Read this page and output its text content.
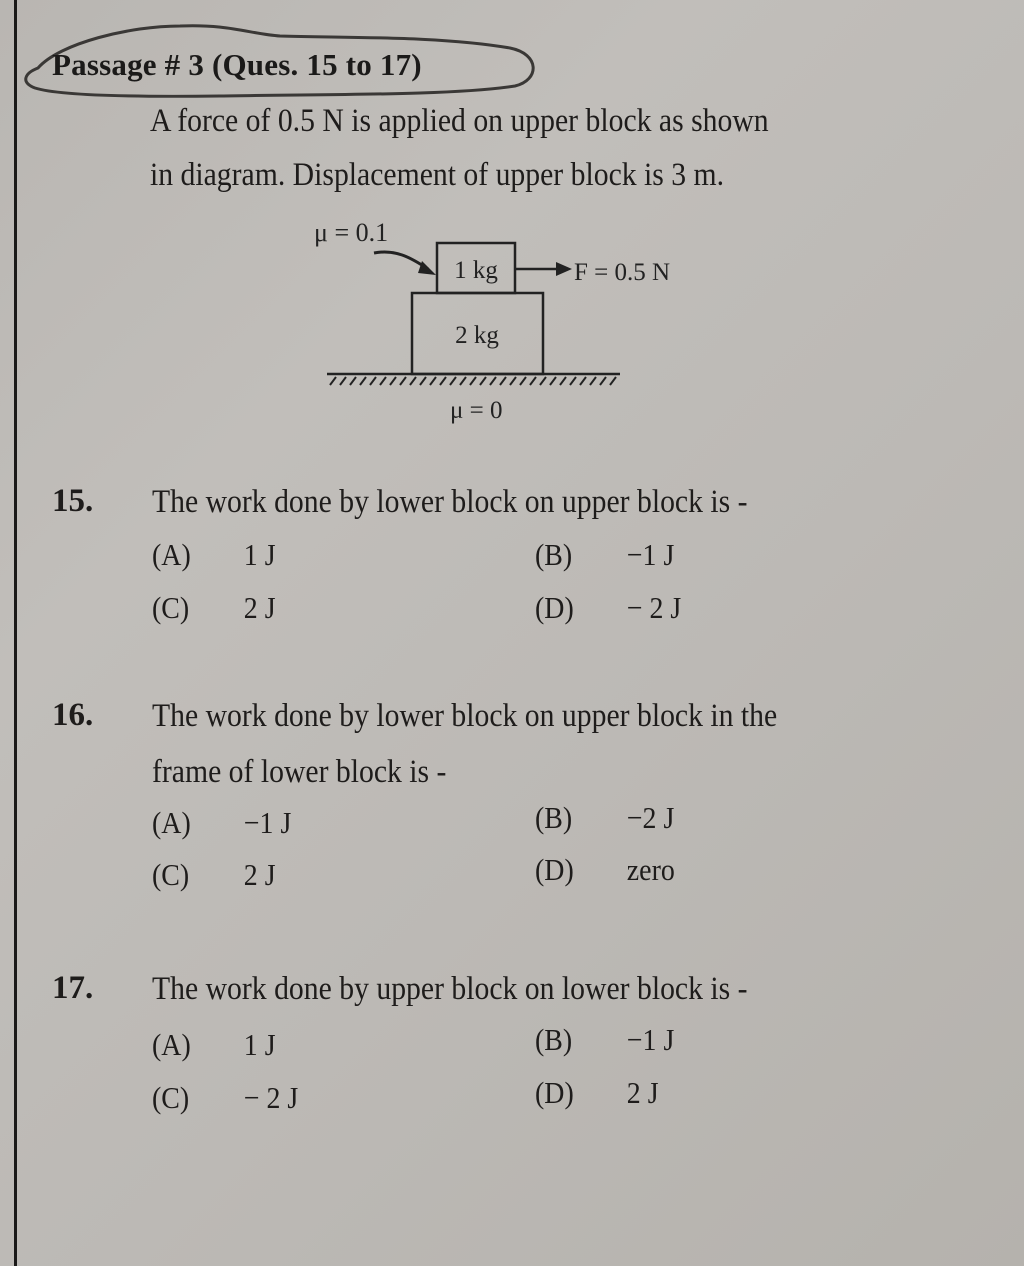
Passage # 3 (Ques. 15 to 17)
A force of 0.5 N is applied on upper block as shown
in diagram. Displacement of upper block is 3 m.
μ = 0.1
1 kg	F = 0.5 N
2 kg
μ = 0
15. The work done by lower block on upper block is -
(A) 1 J	(B) −1 J
(C) 2 J	(D) − 2 J
16. The work done by lower block on upper block in the
frame of lower block is -
(A) −1 J	(B) −2 J
(C) 2 J	(D) zero
17. The work done by upper block on lower block is -
(A) 1 J	(B) −1 J
(C) − 2 J	(D) 2 J
